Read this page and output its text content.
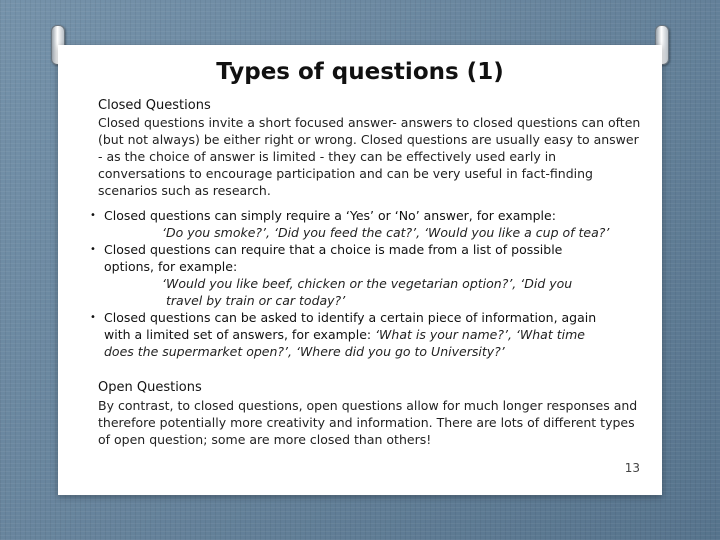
Types of questions (1)

Closed Questions

Closed questions invite a short focused answer- answers to closed questions can often (but not always) be either right or wrong. Closed questions are usually easy to answer - as the choice of answer is limited - they can be effectively used early in conversations to encourage participation and can be very useful in fact-finding scenarios such as research.

• Closed questions can simply require a ‘Yes’ or ‘No’ answer, for example:

‘Do you smoke?’, ‘Did you feed the cat?’, ‘Would you like a cup of tea?’

• Closed questions can require that a choice is made from a list of possible options, for example:

‘Would you like beef, chicken or the vegetarian option?’, ‘Did you

travel by train or car today?’

• Closed questions can be asked to identify a certain piece of information, again with a limited set of answers, for example: ‘What is your name?’, ‘What time does the supermarket open?’, ‘Where did you go to University?’

Open Questions

By contrast, to closed questions, open questions allow for much longer responses and therefore potentially more creativity and information. There are lots of different types of open question; some are more closed than others!

13
